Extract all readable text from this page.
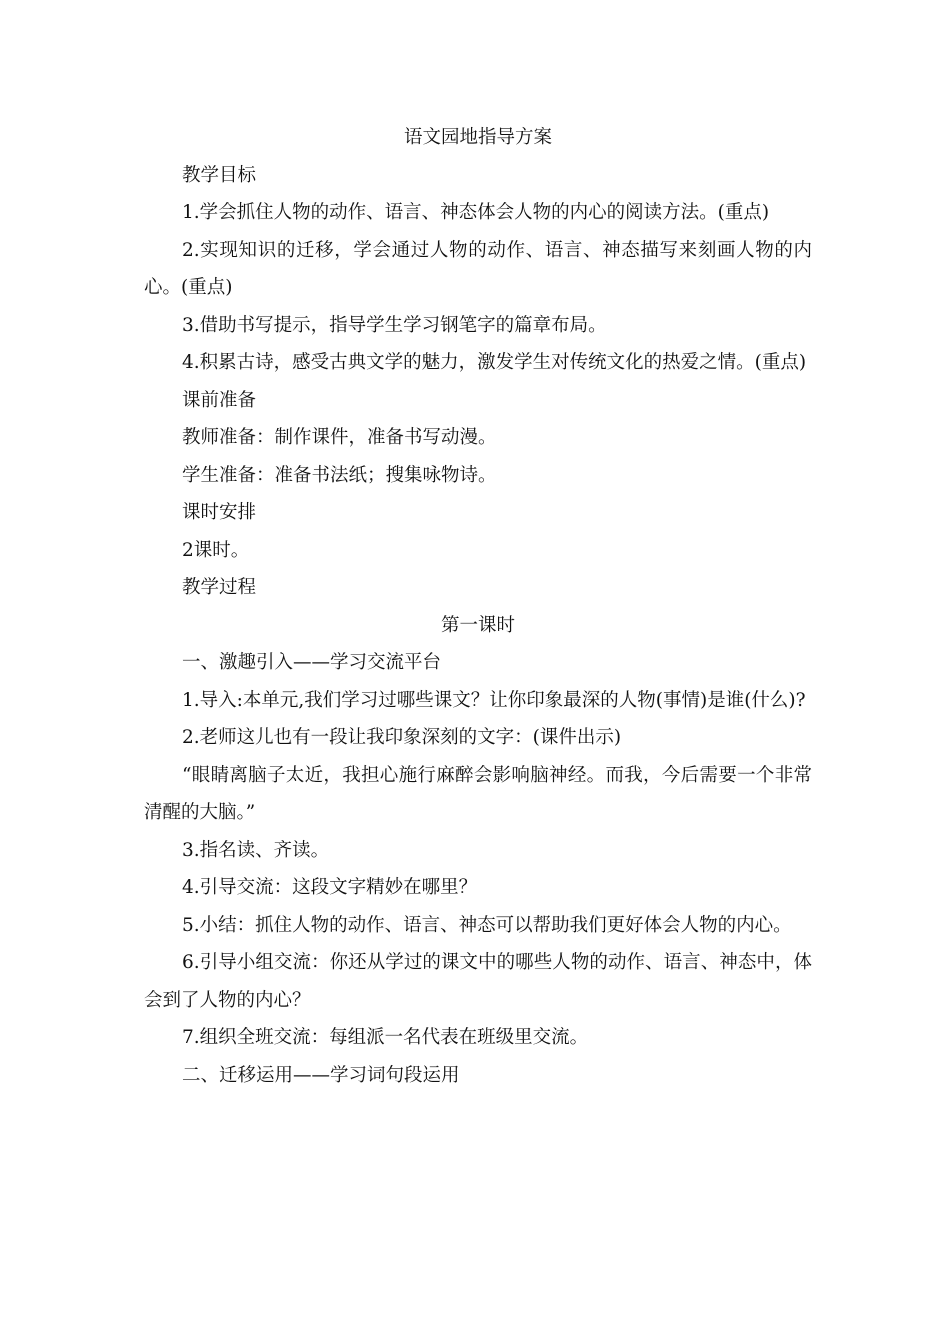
语文园地指导方案

教学目标

1.学会抓住人物的动作、语言、神态体会人物的内心的阅读方法。(重点)

2.实现知识的迁移，学会通过人物的动作、语言、神态描写来刻画人物的内心。(重点)

3.借助书写提示，指导学生学习钢笔字的篇章布局。

4.积累古诗，感受古典文学的魅力，激发学生对传统文化的热爱之情。(重点)

课前准备

教师准备：制作课件，准备书写动漫。

学生准备：准备书法纸；搜集咏物诗。

课时安排

2课时。

教学过程

第一课时

一、激趣引入——学习交流平台

1.导入:本单元,我们学习过哪些课文？让你印象最深的人物(事情)是谁(什么)?

2.老师这儿也有一段让我印象深刻的文字：(课件出示)

“眼睛离脑子太近，我担心施行麻醉会影响脑神经。而我，今后需要一个非常清醒的大脑。”

3.指名读、齐读。

4.引导交流：这段文字精妙在哪里？

5.小结：抓住人物的动作、语言、神态可以帮助我们更好体会人物的内心。

6.引导小组交流：你还从学过的课文中的哪些人物的动作、语言、神态中，体会到了人物的内心？

7.组织全班交流：每组派一名代表在班级里交流。

二、迁移运用——学习词句段运用
